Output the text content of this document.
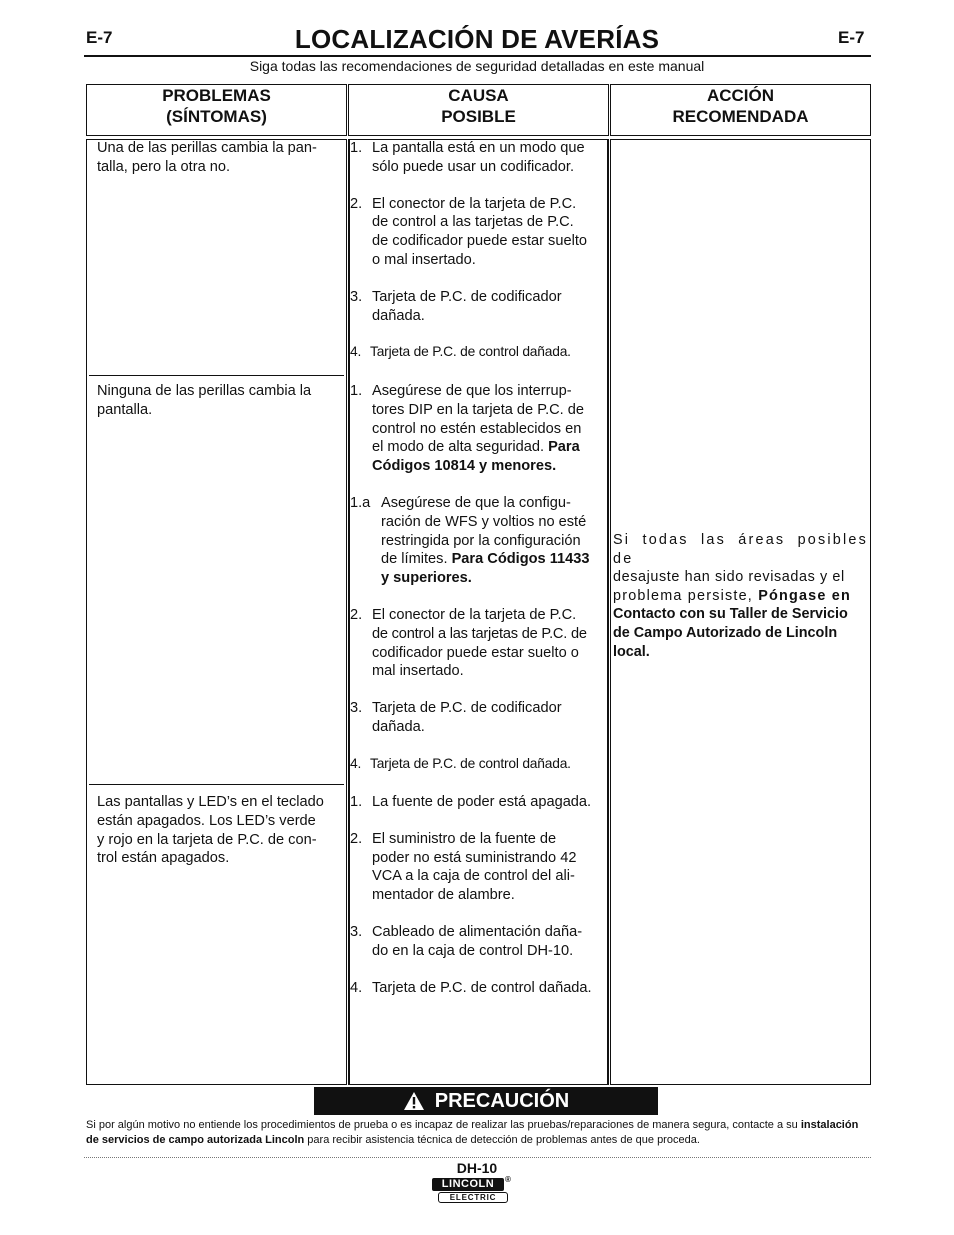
E-7	E-7
LOCALIZACIÓN DE AVERÍAS
Siga todas las recomendaciones de seguridad detalladas en este manual
PROBLEMAS
(SÍNTOMAS)
CAUSA
POSIBLE
ACCIÓN
RECOMENDADA
Una de las perillas cambia la pan-
talla, pero la otra no.
1. La pantalla está en un modo que
sólo puede usar un codificador.
2. El conector de la tarjeta de P.C.
de control a las tarjetas de P.C.
de codificador puede estar suelto
o mal insertado.
3. Tarjeta de P.C. de codificador
dañada.
4. Tarjeta de P.C. de control dañada.
Ninguna de las perillas cambia la
pantalla.
1. Asegúrese de que los interrup-
tores DIP en la tarjeta de P.C. de
control no estén establecidos en
el modo de alta seguridad. Para
Códigos 10814 y menores.
1.a Asegúrese de que la configu-
ración de WFS y voltios no esté
restringida por la configuración
de límites. Para Códigos 11433
y superiores.
2. El conector de la tarjeta de P.C.
de control a las tarjetas de P.C. de
codificador puede estar suelto o
mal insertado.
3. Tarjeta de P.C. de codificador
dañada.
4. Tarjeta de P.C. de control dañada.
Las pantallas y LED’s en el teclado
están apagados. Los LED’s verde
y rojo en la tarjeta de P.C. de con-
trol están apagados.
1. La fuente de poder está apagada.
2. El suministro de la fuente de
poder no está suministrando 42
VCA a la caja de control del ali-
mentador de alambre.
3. Cableado de alimentación daña-
do en la caja de control DH-10.
4. Tarjeta de P.C. de control dañada.
Si todas las áreas posibles de
desajuste han sido revisadas y el
problema persiste, Póngase en
Contacto con su Taller de Servicio
de Campo Autorizado de Lincoln
local.
PRECAUCIÓN
Si por algún motivo no entiende los procedimientos de prueba o es incapaz de realizar las pruebas/reparaciones de manera segura, contacte a su instalación de servicios de campo autorizada Lincoln para recibir asistencia técnica de detección de problemas antes de que proceda.
DH-10
LINCOLN	®
ELECTRIC
